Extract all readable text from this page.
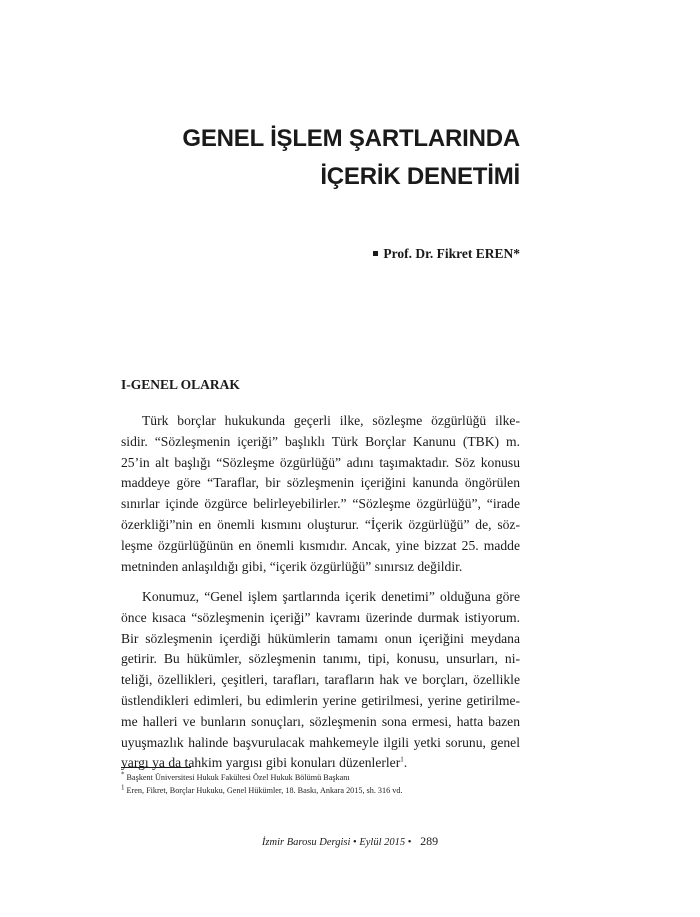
GENEL İŞLEM ŞARTLARINDA
İÇERİK DENETİMİ
Prof. Dr. Fikret EREN*
I-GENEL OLARAK
Türk borçlar hukukunda geçerli ilke, sözleşme özgürlüğü ilke-
sidir. “Sözleşmenin içeriği” başlıklı Türk Borçlar Kanunu (TBK) m.
25’in alt başlığı “Sözleşme özgürlüğü” adını taşımaktadır. Söz konusu
maddeye göre “Taraflar, bir sözleşmenin içeriğini kanunda öngörülen
sınırlar içinde özgürce belirleyebilirler.” “Sözleşme özgürlüğü”, “irade
özerkliği”nin en önemli kısmını oluşturur. “İçerik özgürlüğü” de, söz-
leşme özgürlüğünün en önemli kısmıdır. Ancak, yine bizzat 25. madde
metninden anlaşıldığı gibi, “içerik özgürlüğü” sınırsız değildir.
Konumuz, “Genel işlem şartlarında içerik denetimi” olduğuna göre
önce kısaca “sözleşmenin içeriği” kavramı üzerinde durmak istiyorum.
Bir sözleşmenin içerdiği hükümlerin tamamı onun içeriğini meydana
getirir. Bu hükümler, sözleşmenin tanımı, tipi, konusu, unsurları, ni-
teliği, özellikleri, çeşitleri, tarafları, tarafların hak ve borçları, özellikle
üstlendikleri edimleri, bu edimlerin yerine getirilmesi, yerine getirilme-
me halleri ve bunların sonuçları, sözleşmenin sona ermesi, hatta bazen
uyuşmazlık halinde başvurulacak mahkemeyle ilgili yetki sorunu, genel
yargı ya da tahkim yargısı gibi konuları düzenlerler$^1$.
* Başkent Üniversitesi Hukuk Fakültesi Özel Hukuk Bölümü Başkanı
$^1$ Eren, Fikret, Borçlar Hukuku, Genel Hükümler, 18. Baskı, Ankara 2015, sh. 316 vd.
İzmir Barosu Dergisi • Eylül 2015 • 289
